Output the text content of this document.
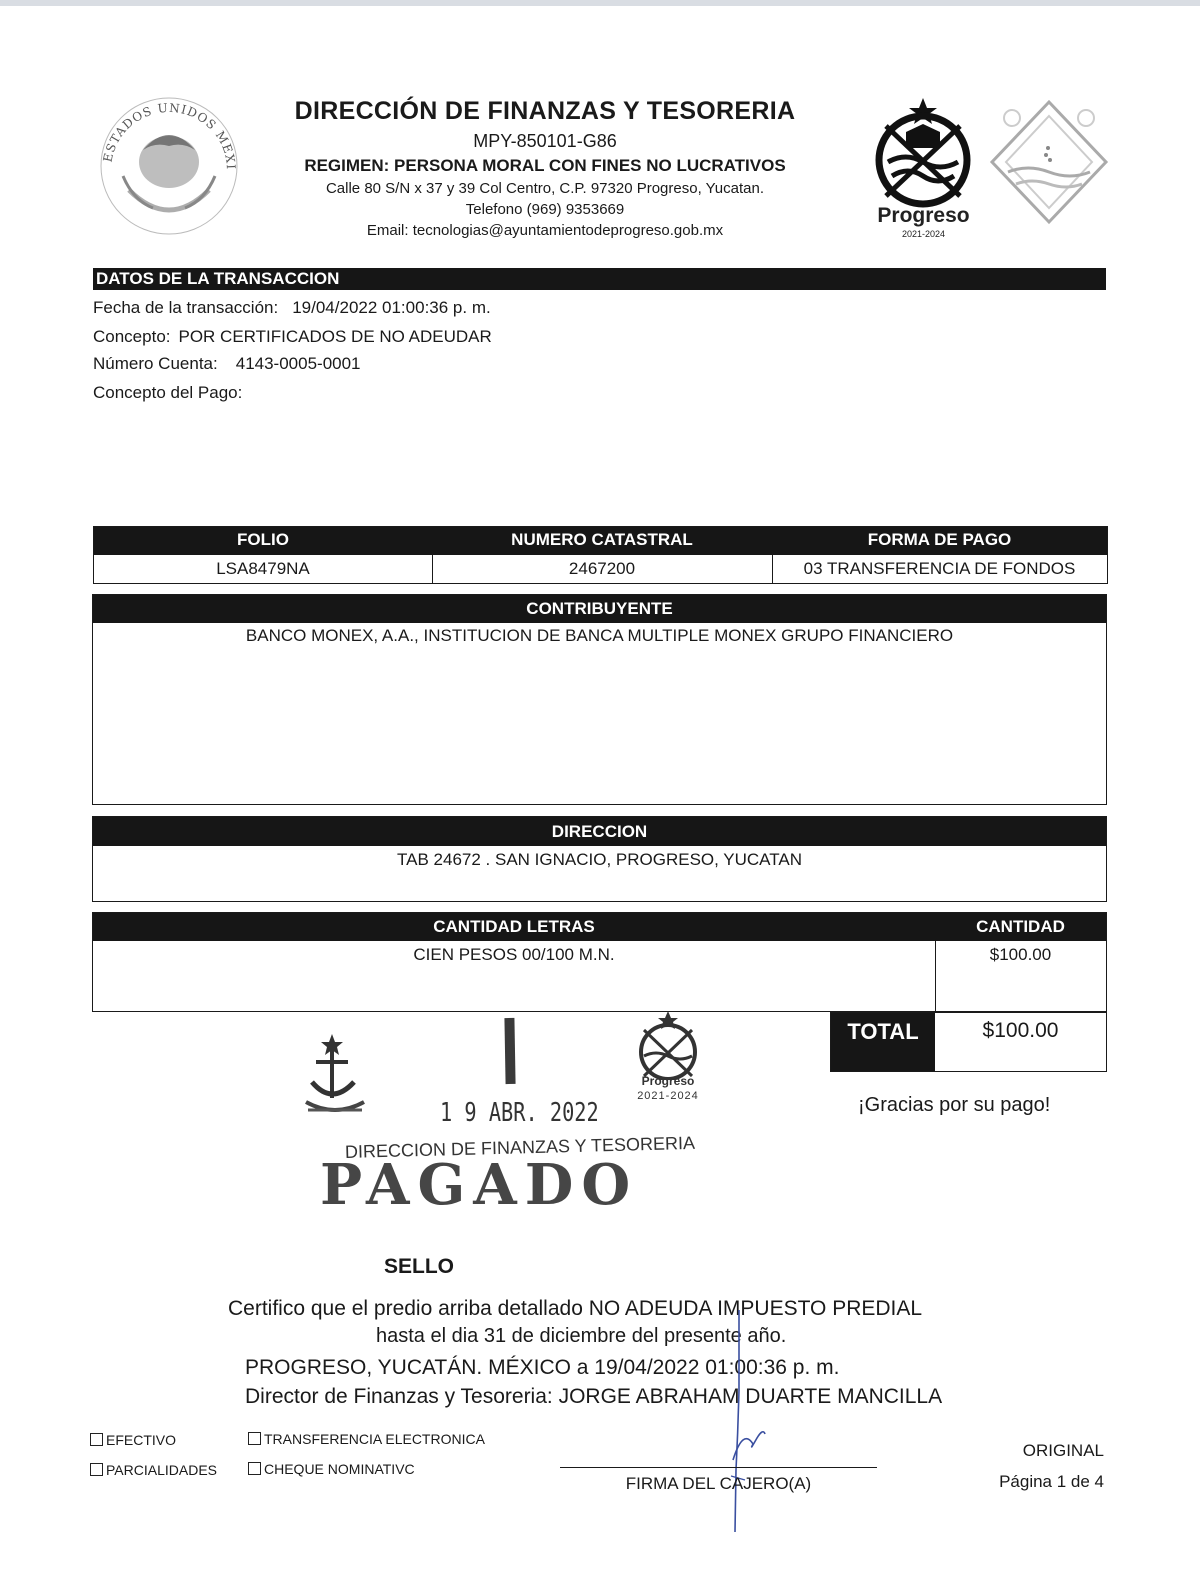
ESTADOS UNIDOS MEXI
DIRECCIÓN DE FINANZAS Y TESORERIA
MPY-850101-G86
REGIMEN: PERSONA MORAL CON FINES NO LUCRATIVOS
Calle 80 S/N x 37 y 39 Col Centro, C.P. 97320 Progreso, Yucatan.
Telefono (969) 9353669
Email: tecnologias@ayuntamientodeprogreso.gob.mx
Progreso
2021-2024
DATOS DE LA TRANSACCION
Fecha de la transacción: 19/04/2022 01:00:36 p. m.
Concepto: POR CERTIFICADOS DE NO ADEUDAR
Número Cuenta: 4143-0005-0001
Concepto del Pago:
FOLIO	NUMERO CATASTRAL	FORMA DE PAGO
LSA8479NA	2467200	03 TRANSFERENCIA DE FONDOS
CONTRIBUYENTE
BANCO MONEX, A.A., INSTITUCION DE BANCA MULTIPLE MONEX GRUPO FINANCIERO
DIRECCION
TAB 24672 . SAN IGNACIO, PROGRESO, YUCATAN
CANTIDAD LETRAS	CANTIDAD
CIEN PESOS 00/100 M.N.	$100.00
TOTAL	$100.00
¡Gracias por su pago!
Progreso
2021-2024
1 9 ABR. 2022
DIRECCION DE FINANZAS Y TESORERIA
PAGADO
SELLO
Certifico que el predio arriba detallado NO ADEUDA IMPUESTO PREDIAL
hasta el dia 31 de diciembre del presente año.
PROGRESO, YUCATÁN. MÉXICO a 19/04/2022 01:00:36 p. m.
Director de Finanzas y Tesoreria: JORGE ABRAHAM DUARTE MANCILLA
EFECTIVO
PARCIALIDADES
TRANSFERENCIA ELECTRONICA
CHEQUE NOMINATIVC
FIRMA DEL CAJERO(A)
ORIGINAL
Página 1 de 4
